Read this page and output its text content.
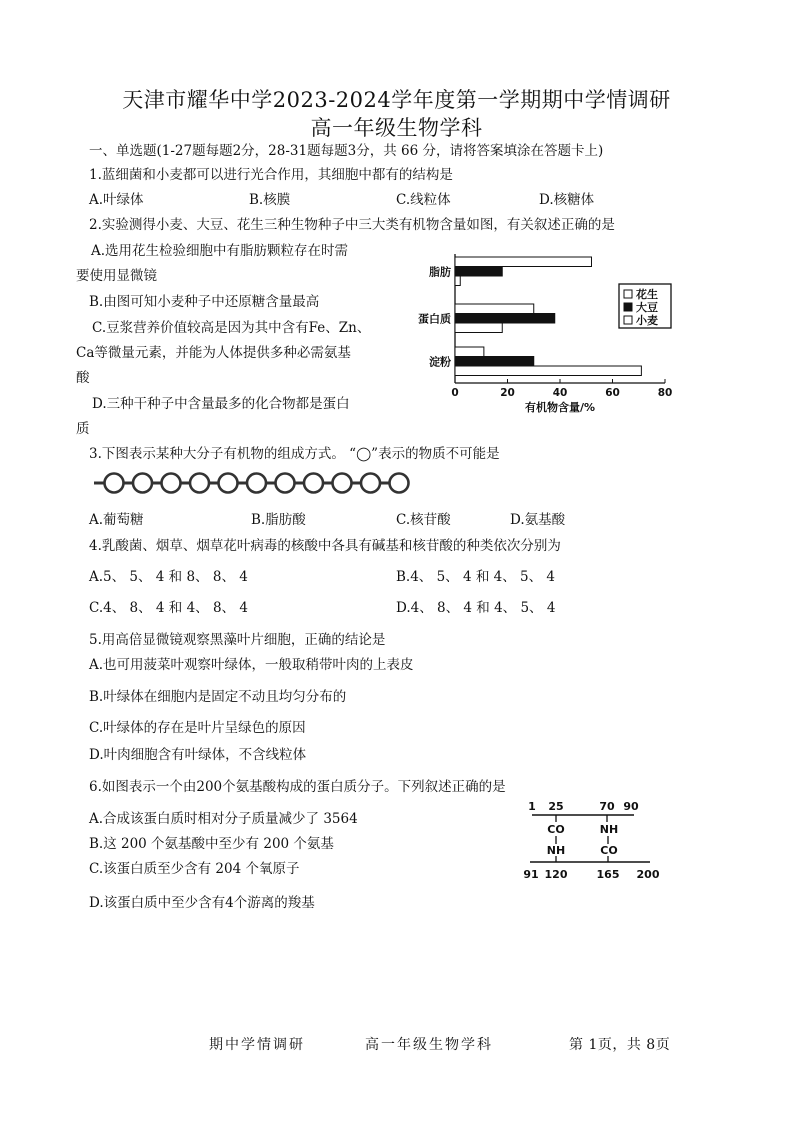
天津市耀华中学2023-2024学年度第一学期期中学情调研
高一年级生物学科
一、单选题(1-27题每题2分，28-31题每题3分，共 66 分，请将答案填涂在答题卡上)
1.蓝细菌和小麦都可以进行光合作用，其细胞中都有的结构是
A.叶绿体	B.核膜	C.线粒体	D.核糖体
2.实验测得小麦、大豆、花生三种生物种子中三大类有机物含量如图，有关叙述正确的是
A.选用花生检验细胞中有脂肪颗粒存在时需
要使用显微镜
B.由图可知小麦种子中还原糖含量最高
C.豆浆营养价值较高是因为其中含有Fe、Zn、
Ca等微量元素，并能为人体提供多种必需氨基
酸
D.三种干种子中含量最多的化合物都是蛋白
质
0	20	40	60	80
有机物含量/%
脂肪
蛋白质
淀粉
花生
大豆
小麦
3.下图表示某种大分子有机物的组成方式。 “◯”表示的物质不可能是
A.葡萄糖	B.脂肪酸	C.核苷酸	D.氨基酸
4.乳酸菌、烟草、烟草花叶病毒的核酸中各具有碱基和核苷酸的种类依次分别为
A.5、 5、 4 和 8、 8、 4	B.4、 5、 4 和 4、 5、 4
C.4、 8、 4 和 4、 8、 4	D.4、 8、 4 和 4、 5、 4
5.用高倍显微镜观察黑藻叶片细胞，正确的结论是
A.也可用菠菜叶观察叶绿体，一般取稍带叶肉的上表皮
B.叶绿体在细胞内是固定不动且均匀分布的
C.叶绿体的存在是叶片呈绿色的原因
D.叶肉细胞含有叶绿体，不含线粒体
6.如图表示一个由200个氨基酸构成的蛋白质分子。下列叙述正确的是
A.合成该蛋白质时相对分子质量减少了 3564
B.这 200 个氨基酸中至少有 200 个氨基
C.该蛋白质至少含有 204 个氧原子
D.该蛋白质中至少含有4个游离的羧基
1 25	70 90
CO
NH
NH
CO
91 120	165 200
期中学情调研	高一年级生物学科	第 1页，共 8页
